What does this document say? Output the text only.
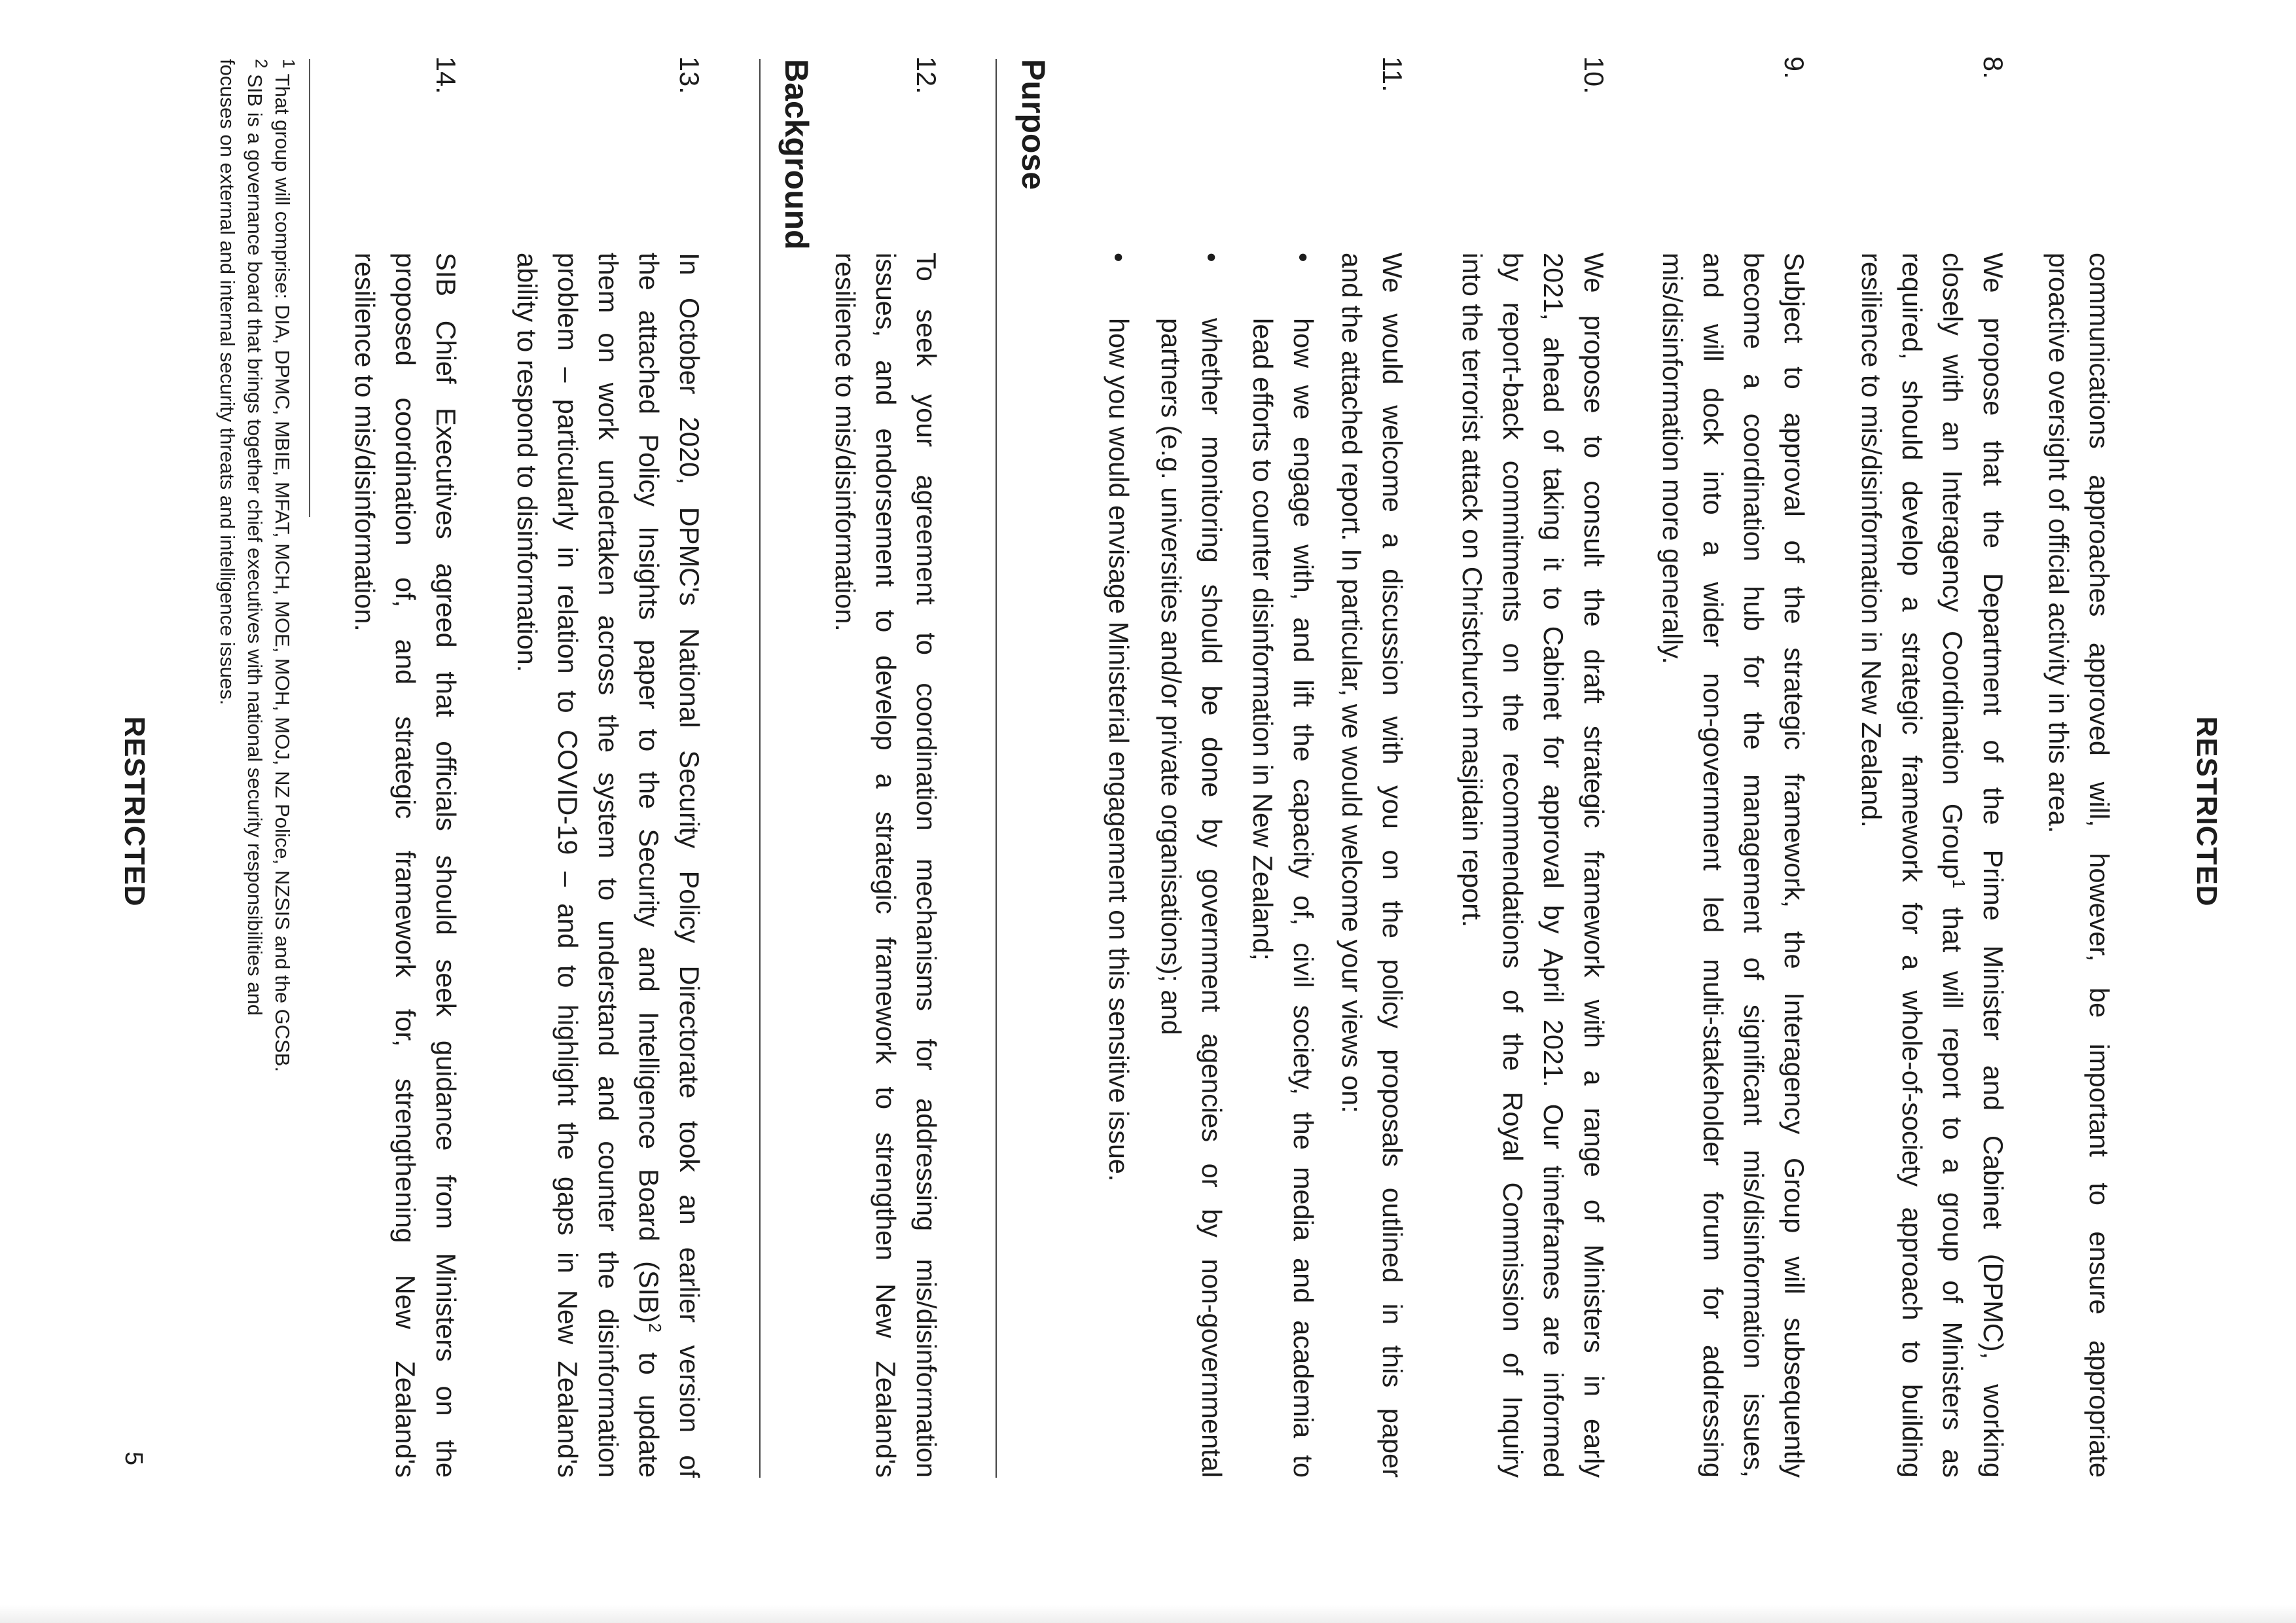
RESTRICTED
communications approaches approved will, however, be important to ensure appropriate
proactive oversight of official activity in this area.
8.
We propose that the Department of the Prime Minister and Cabinet (DPMC), working
closely with an Interagency Coordination Group$^1$ that will report to a group of Ministers as
required, should develop a strategic framework for a whole-of-society approach to building
resilience to mis/disinformation in New Zealand.
9.
Subject to approval of the strategic framework, the Interagency Group will subsequently
become a coordination hub for the management of significant mis/disinformation issues,
and will dock into a wider non-government led multi-stakeholder forum for addressing
mis/disinformation more generally.
10.
We propose to consult the draft strategic framework with a range of Ministers in early
2021, ahead of taking it to Cabinet for approval by April 2021. Our timeframes are informed
by report-back commitments on the recommendations of the Royal Commission of Inquiry
into the terrorist attack on Christchurch masjidain report.
11.
We would welcome a discussion with you on the policy proposals outlined in this paper
and the attached report. In particular, we would welcome your views on:
•
how we engage with, and lift the capacity of, civil society, the media and academia to
lead efforts to counter disinformation in New Zealand;
•
whether monitoring should be done by government agencies or by non-governmental
partners (e.g. universities and/or private organisations); and
•
how you would envisage Ministerial engagement on this sensitive issue.
Purpose
12.
To seek your agreement to coordination mechanisms for addressing mis/disinformation
issues, and endorsement to develop a strategic framework to strengthen New Zealand's
resilience to mis/disinformation.
Background
13.
In October 2020, DPMC's National Security Policy Directorate took an earlier version of
the attached Policy Insights paper to the Security and Intelligence Board (SIB)$^2$ to update
them on work undertaken across the system to understand and counter the disinformation
problem – particularly in relation to COVID-19 – and to highlight the gaps in New Zealand's
ability to respond to disinformation.
14.
SIB Chief Executives agreed that officials should seek guidance from Ministers on the
proposed coordination of, and strategic framework for, strengthening New Zealand's
resilience to mis/disinformation.
$^1$ That group will comprise: DIA, DPMC, MBIE, MFAT, MCH, MOE, MOH, MOJ, NZ Police, NZSIS and the GCSB.
$^2$ SIB is a governance board that brings together chief executives with national security responsibilities and
focuses on external and internal security threats and intelligence issues.
RESTRICTED
5
